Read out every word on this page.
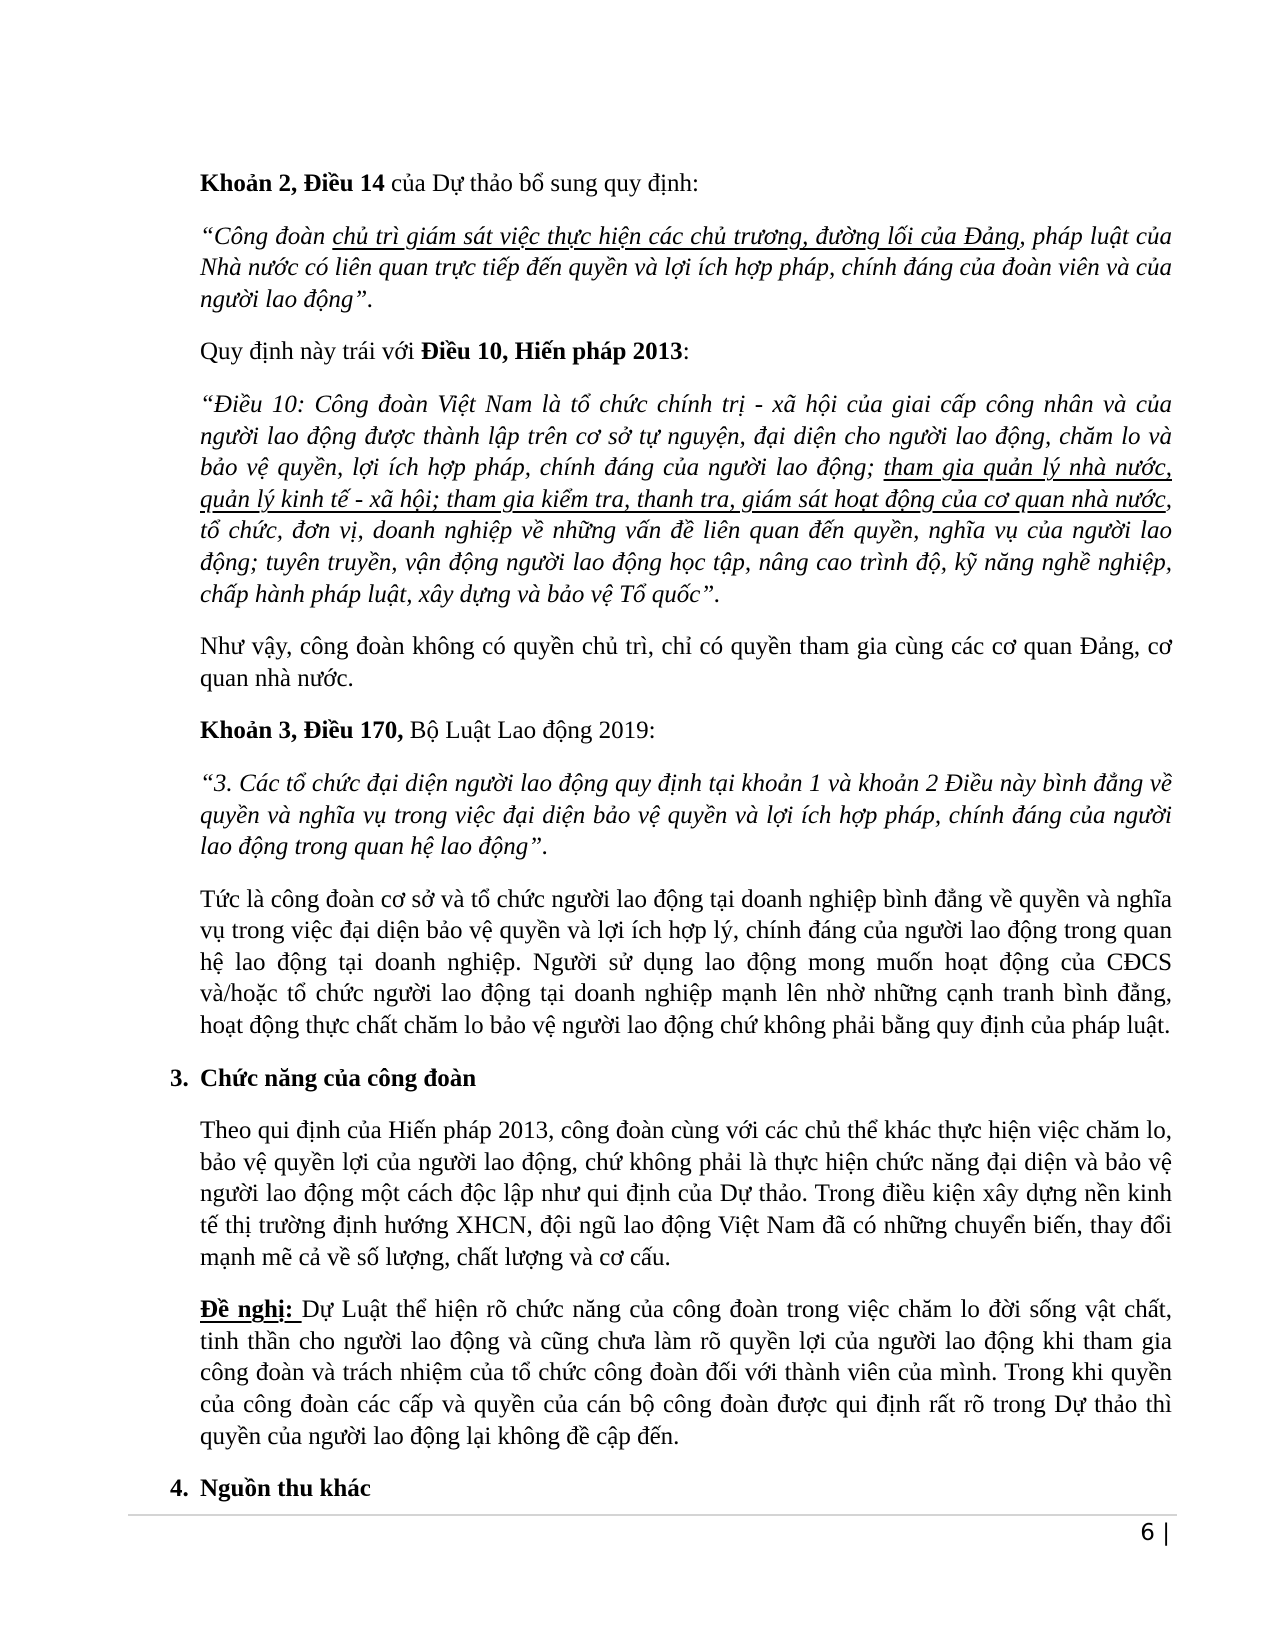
Khoản 2, Điều 14 của Dự thảo bổ sung quy định:

“Công đoàn chủ trì giám sát việc thực hiện các chủ trương, đường lối của Đảng, pháp luật của Nhà nước có liên quan trực tiếp đến quyền và lợi ích hợp pháp, chính đáng của đoàn viên và của người lao động”.

Quy định này trái với Điều 10, Hiến pháp 2013:

“Điều 10: Công đoàn Việt Nam là tổ chức chính trị - xã hội của giai cấp công nhân và của người lao động được thành lập trên cơ sở tự nguyện, đại diện cho người lao động, chăm lo và bảo vệ quyền, lợi ích hợp pháp, chính đáng của người lao động; tham gia quản lý nhà nước, quản lý kinh tế - xã hội; tham gia kiểm tra, thanh tra, giám sát hoạt động của cơ quan nhà nước, tổ chức, đơn vị, doanh nghiệp về những vấn đề liên quan đến quyền, nghĩa vụ của người lao động; tuyên truyền, vận động người lao động học tập, nâng cao trình độ, kỹ năng nghề nghiệp, chấp hành pháp luật, xây dựng và bảo vệ Tổ quốc”.

Như vậy, công đoàn không có quyền chủ trì, chỉ có quyền tham gia cùng các cơ quan Đảng, cơ quan nhà nước.

Khoản 3, Điều 170, Bộ Luật Lao động 2019:

“3. Các tổ chức đại diện người lao động quy định tại khoản 1 và khoản 2 Điều này bình đẳng về quyền và nghĩa vụ trong việc đại diện bảo vệ quyền và lợi ích hợp pháp, chính đáng của người lao động trong quan hệ lao động”.

Tức là công đoàn cơ sở và tổ chức người lao động tại doanh nghiệp bình đẳng về quyền và nghĩa vụ trong việc đại diện bảo vệ quyền và lợi ích hợp lý, chính đáng của người lao động trong quan hệ lao động tại doanh nghiệp. Người sử dụng lao động mong muốn hoạt động của CĐCS và/hoặc tổ chức người lao động tại doanh nghiệp mạnh lên nhờ những cạnh tranh bình đẳng, hoạt động thực chất chăm lo bảo vệ người lao động chứ không phải bằng quy định của pháp luật.

3. Chức năng của công đoàn

Theo qui định của Hiến pháp 2013, công đoàn cùng với các chủ thể khác thực hiện việc chăm lo, bảo vệ quyền lợi của người lao động, chứ không phải là thực hiện chức năng đại diện và bảo vệ người lao động một cách độc lập như qui định của Dự thảo. Trong điều kiện xây dựng nền kinh tế thị trường định hướng XHCN, đội ngũ lao động Việt Nam đã có những chuyển biến, thay đổi mạnh mẽ cả về số lượng, chất lượng và cơ cấu.

Đề nghị: Dự Luật thể hiện rõ chức năng của công đoàn trong việc chăm lo đời sống vật chất, tinh thần cho người lao động và cũng chưa làm rõ quyền lợi của người lao động khi tham gia công đoàn và trách nhiệm của tổ chức công đoàn đối với thành viên của mình. Trong khi quyền của công đoàn các cấp và quyền của cán bộ công đoàn được qui định rất rõ trong Dự thảo thì quyền của người lao động lại không đề cập đến.

4. Nguồn thu khác
6 |
